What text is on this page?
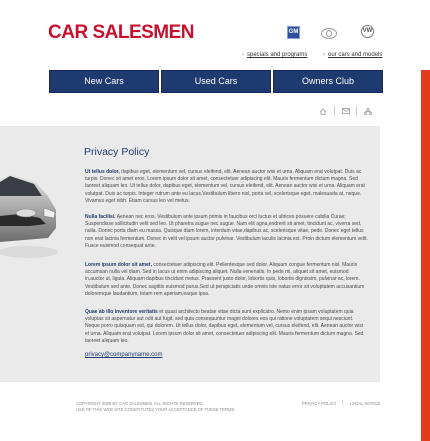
CAR SALESMEN	GM	VW
› specials and programs	› our cars and models
New Cars	Used Cars	Owners Club
Privacy Policy
Ut tellus dolor, dapibus eget, elementum vel, cursus eleifend, elit. Aenean auctor wisi et urna. Aliquam erat volutpat. Duis ac turpis. Donec sit amet eros. Lorem ipsum dolor sit amet, consectetuer adipiscing elit. Mauris fermentum dictum magna. Sed laoreet aliquam leo. Ut tellus dolor, dapibus eget, elementum vel, cursus eleifend, elit. Aenean auctor wisi et urna. Aliquam erat volutpat. Duis ac turpis. Integer rutrum ante eu lacus.Vestibulum libero nisl, porta vel, scelerisque eget, malesuada at, neque. Vivamus eget nibh. Etiam cursus leo vel metus.
Nulla facilisi. Aenean nec eros. Vestibulum ante ipsum primis in faucibus orci luctus et ultrices posuere cubilia Curae; Suspendisse sollicitudin velit sed leo. Ut pharetra augue nec augue. Nam elit agna,endrerit sit amet, tincidunt ac, viverra sed, nulla. Donec porta diam eu massa. Quisque diam lorem, interdum vitae,dapibus ac, scelerisque vitae, pede. Donec eget tellus non erat lacinia fermentum. Donec in velit vel ipsum auctor pulvinar. Vestibulum iaculis lacinia est. Proin dictum elementum velit. Fusce euismod consequat ante.
Lorem ipsum dolor sit amet, consectetuer adipiscing elit. Pellentesque sed dolor. Aliquam congue fermentum nisl. Mauris accumsan nulla vel diam. Sed in lacus ut enim adipiscing aliquet. Nulla venenatis. In pede mi, aliquet sit amet, euismod in,auctor ut, ligula. Aliquam dapibus tincidunt metus. Praesent justo dolor, lobortis quis, lobortis dignissim, pulvinar ac, lorem. Vestibulum sed ante. Donec sagittis euismod purus.Sed ut perspiciatis unde omnis iste natus error sit voluptatem accusantium doloremque laudantium, totam rem aperiam,eaque ipsa.
Quae ab illo inventore veritatis et quasi architecto beatae vitae dicta sunt explicabo. Nemo enim ipsam voluptatem quia voluptas sit aspernatur aut odit aut fugit, sed quia consequuntur magni dolores eos qui ratione voluptatem sequi nesciunt. Neque porro quisquam est, qui dolorem. Ut tellus dolor, dapibus eget, elementum vel, cursus eleifend, elit. Aenean auctor wisi et urna. Aliquam erat volutpat. Lorem ipsum dolor sit amet, consectetuer adipiscing elit. Mauris fermentum dictum magna. Sed laoreet aliquam leo.
privacy@companyname.com
COPYRIGHT 2008 BY CAR SALESMEN. ALL RIGHTS RESERVED.
USE OF THIS WEB SITE CONSTITUTES YOUR ACCEPTANCE OF THESE TERMS.
PRIVACY POLICY | LEGAL NOTICE
